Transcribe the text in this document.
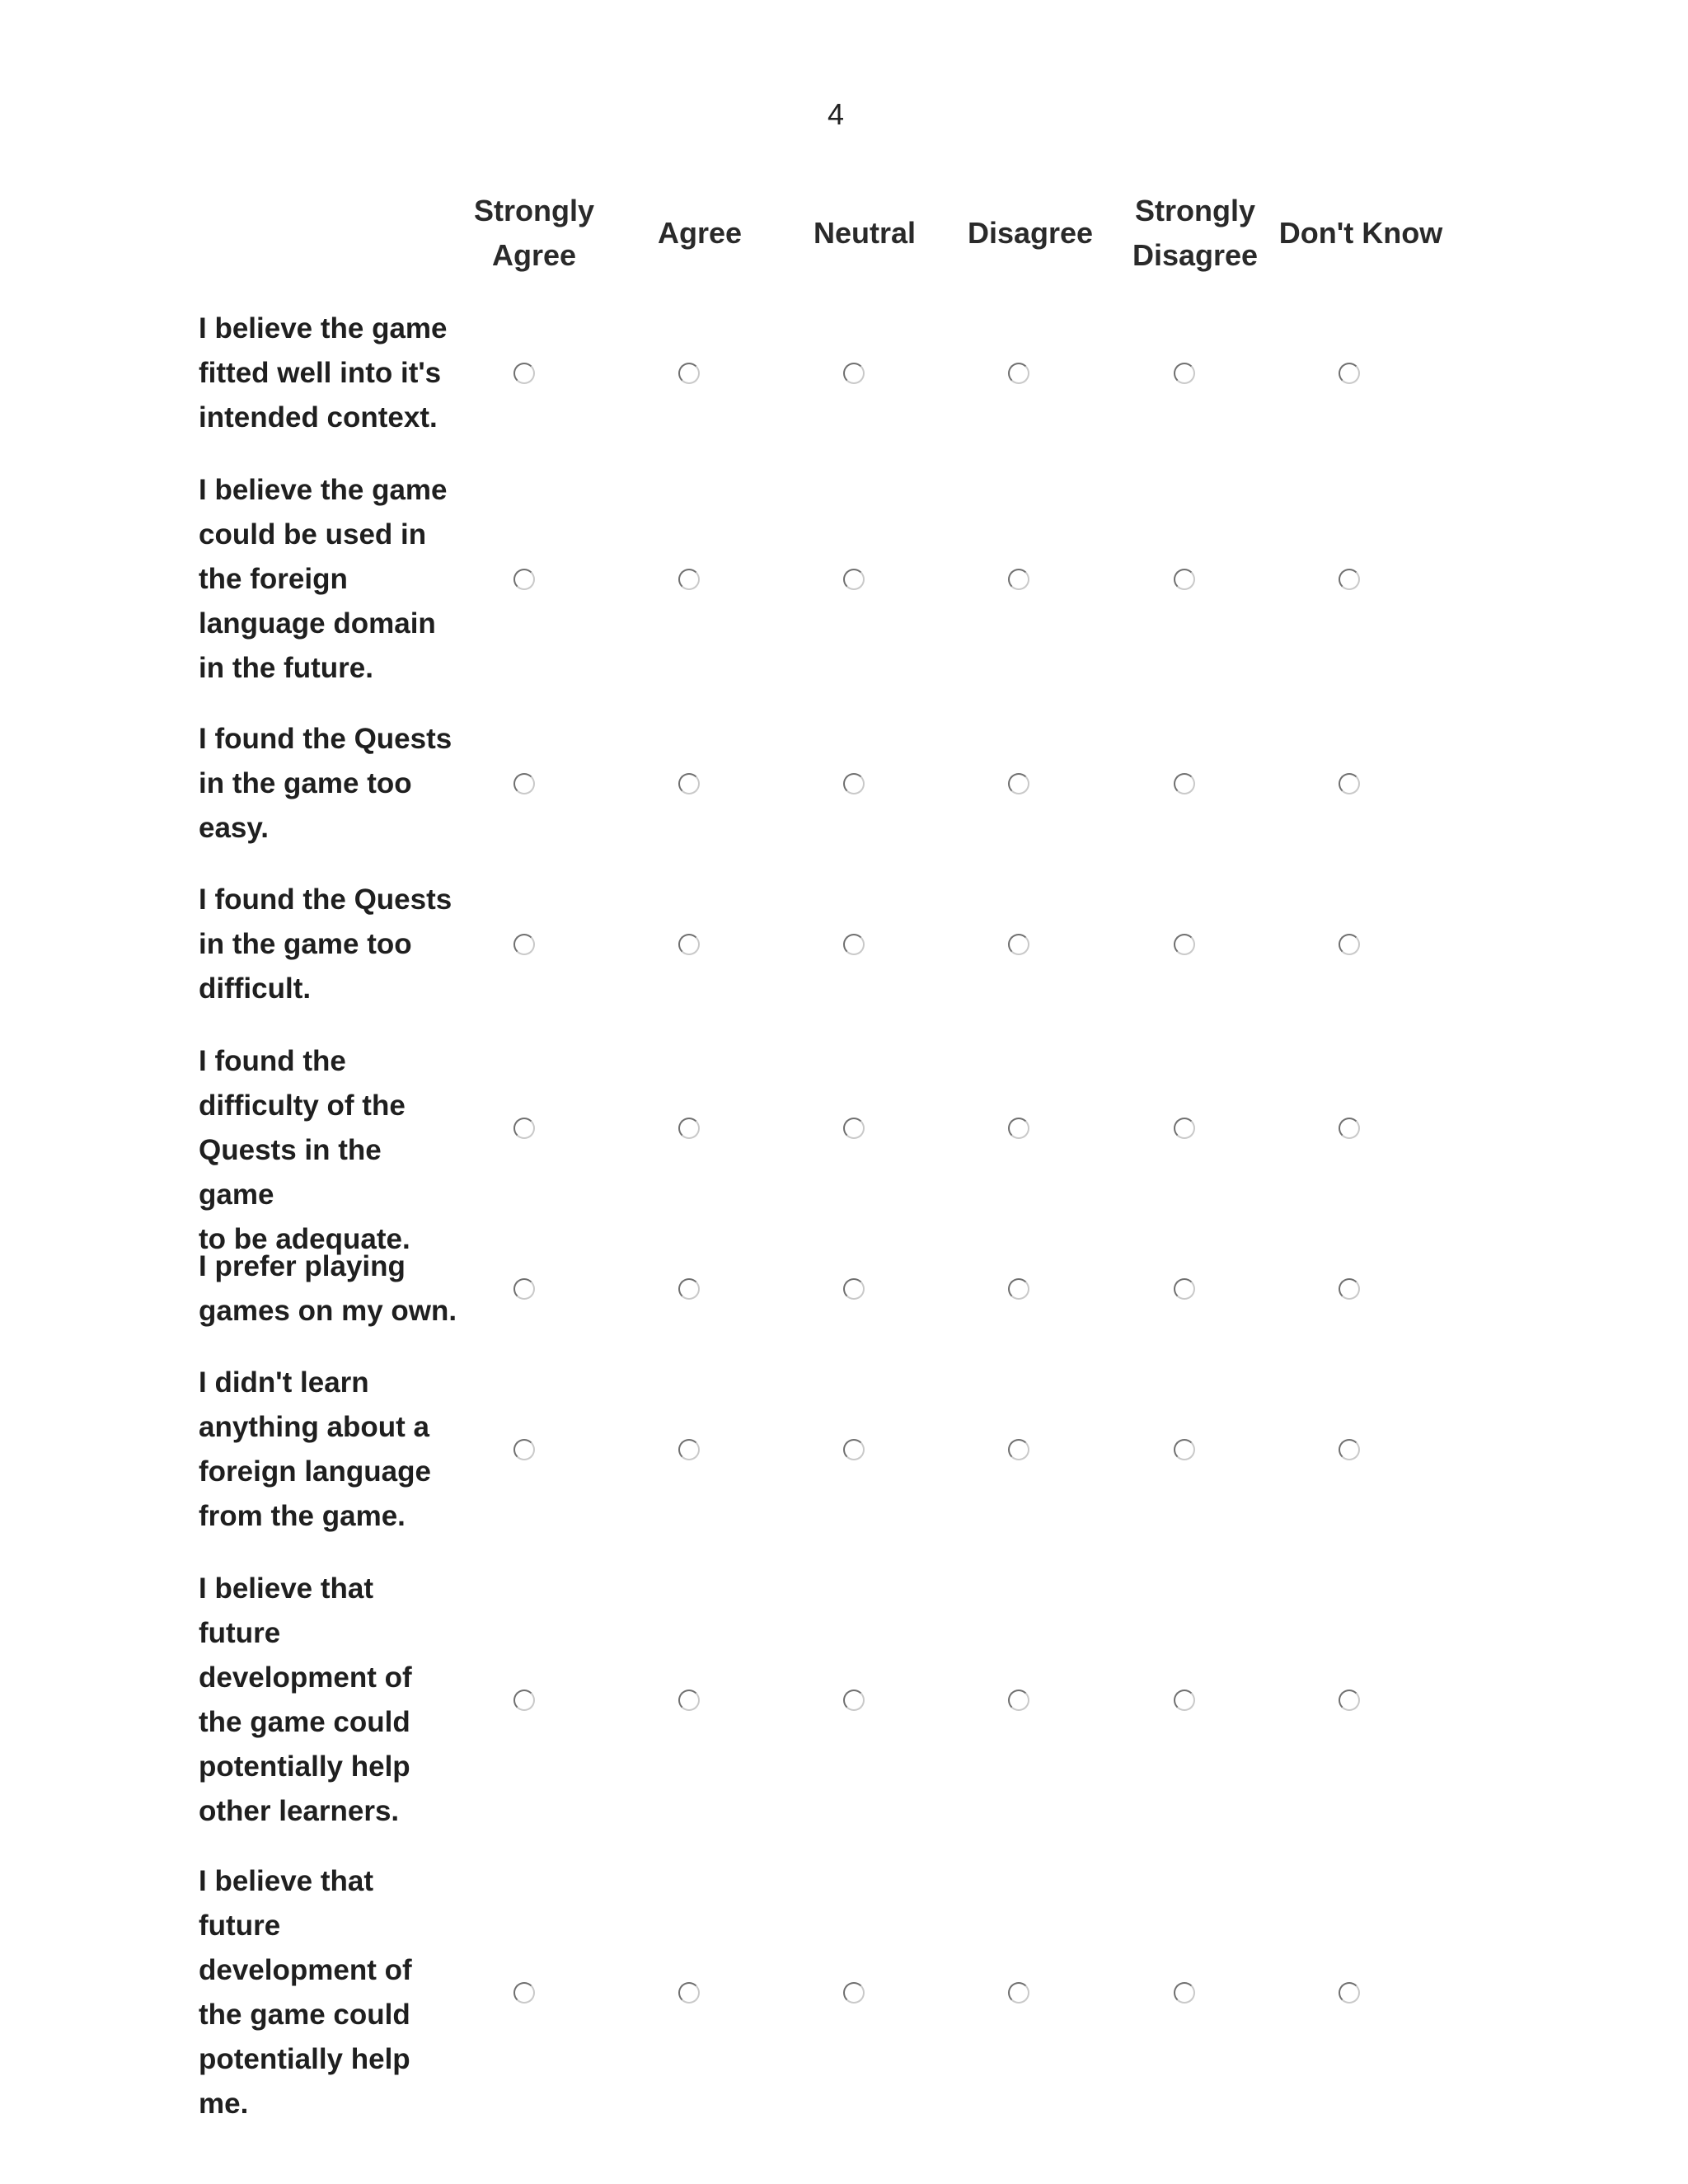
4
Strongly
Agree
Agree	Neutral	Disagree
Strongly
Disagree
Don't Know
I believe the game
fitted well into it's
intended context.
I believe the game
could be used in
the foreign
language domain
in the future.
I found the Quests
in the game too
easy.
I found the Quests
in the game too
difficult.
I found the
difficulty of the
Quests in the game
to be adequate.
I prefer playing
games on my own.
I didn't learn
anything about a
foreign language
from the game.
I believe that
future
development of
the game could
potentially help
other learners.
I believe that
future
development of
the game could
potentially help
me.
